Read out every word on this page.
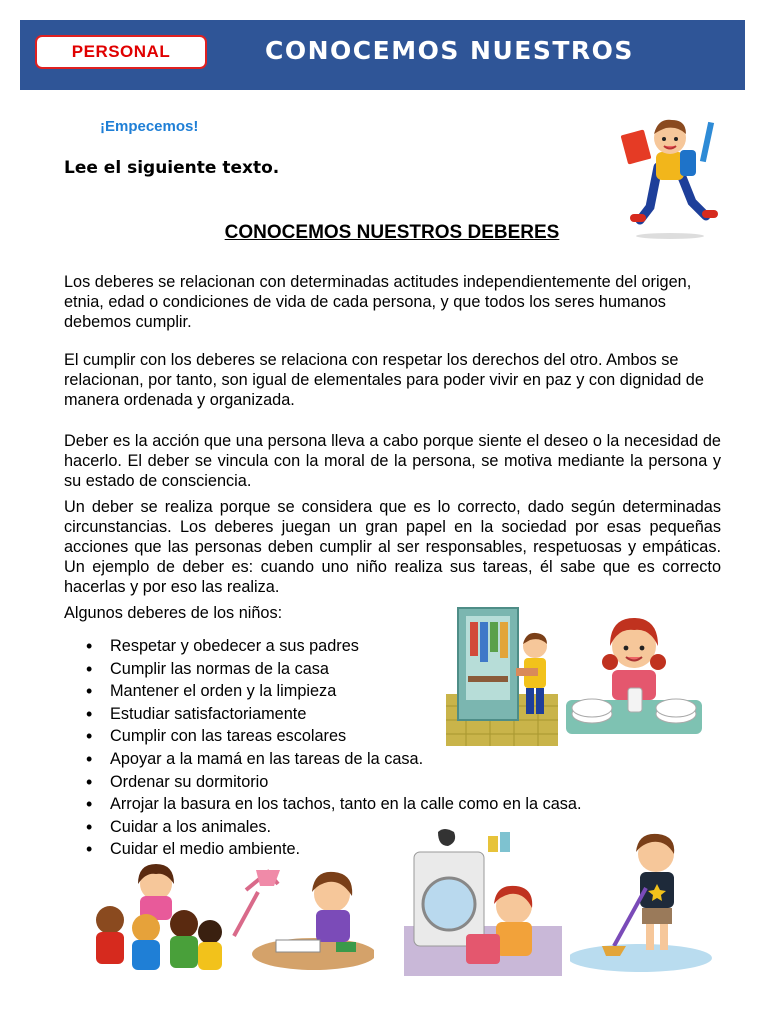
PERSONAL	CONOCEMOS NUESTROS
¡Empecemos!
Lee el siguiente texto.
CONOCEMOS NUESTROS DEBERES
Los deberes se relacionan con determinadas actitudes independientemente del origen, etnia, edad o condiciones de vida de cada persona, y que todos los seres humanos debemos cumplir.
El cumplir con los deberes se relaciona con respetar los derechos del otro. Ambos se relacionan, por tanto, son igual de elementales para poder vivir en paz y con dignidad de manera ordenada y organizada.
Deber es la acción que una persona lleva a cabo porque siente el deseo o la necesidad de hacerlo. El deber se vincula con la moral de la persona, se motiva mediante la persona y su estado de consciencia.
Un deber se realiza porque se considera que es lo correcto, dado según determinadas circunstancias. Los deberes juegan un gran papel en la sociedad por esas pequeñas acciones que las personas deben cumplir al ser responsables, respetuosas y empáticas. Un ejemplo de deber es: cuando uno niño realiza sus tareas, él sabe que es correcto hacerlas y por eso las realiza.
Algunos deberes de los niños:
• Respetar y obedecer a sus padres
• Cumplir las normas de la casa
• Mantener el orden y la limpieza
• Estudiar satisfactoriamente
• Cumplir con las tareas escolares
• Apoyar a la mamá en las tareas de la casa.
• Ordenar su dormitorio
• Arrojar la basura en los tachos, tanto en la calle como en la casa.
• Cuidar a los animales.
• Cuidar el medio ambiente.
